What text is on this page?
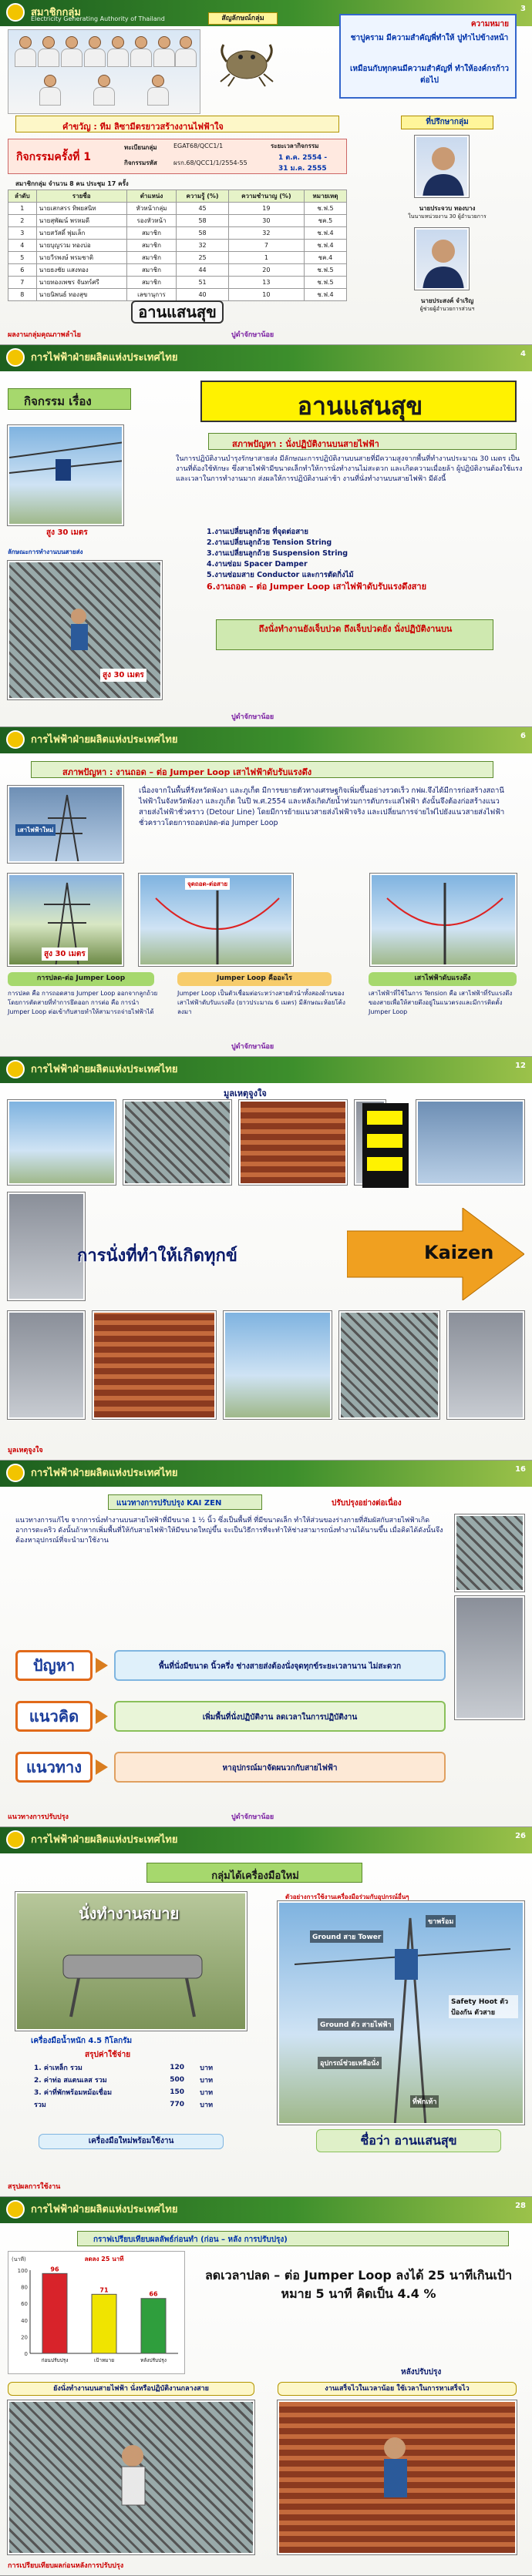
สมาชิกกลุ่ม
Electricity Generating Authority of Thailand
3
สัญลักษณ์กลุ่ม
ความหมาย
ชาปูคราม มีความสำคัญพี่ทำให้ ปูทำไปข้างหน้า
เหมือนกับทุกคนมีความสำคัญที่ ทำให้องค์กรก้าวต่อไป
คำขวัญ : ทีม ลิซามีตรยาวสร้างงานไฟฟ้าใจ	ที่ปรึกษากลุ่ม
กิจกรรมครั้งที่ 1
ทะเบียนกลุ่ม	EGAT68/QCC1/1
กิจกรรมรหัส	ผรก.68/QCC1/1/2554-55
ระยะเวลากิจกรรม
1 ต.ค. 2554 -
31 ม.ค. 2555
สมาชิกกลุ่ม จำนวน 8 คน ประชุม 17 ครั้ง
ลำดับ	รายชื่อ	ตำแหน่ง	ความรู้ (%)	ความชำนาญ (%)	หมายเหตุ
1	นายเสกสรร ทิพยสนิท	หัวหน้ากลุ่ม	45	19	ช.ฟ.5
2	นายสุพัฒน์ พรหมดี	รองหัวหน้า	58	30	ชค.5
3	นายสวัสดิ์ พุ่มเล็ก	สมาชิก	58	32	ช.ฟ.4
4	นายบุญรวม ทองบ่อ	สมาชิก	32	7	ช.ฟ.4
5	นายวีรพงษ์ พรมชาติ	สมาชิก	25	1	ชค.4
6	นายธงชัย แสงทอง	สมาชิก	44	20	ช.ฟ.5
7	นายทองเพชร จันทร์ศรี	สมาชิก	51	13	ช.ฟ.5
8	นายนิพนธ์ ทองสุข	เลขานุการ	40	10	ช.ฟ.4
อานแสนสุข
นายประจวบ ทองบาง
ในนามหน่วยงาน 30 ผู้อำนวยการ
นายประสงค์ จำเริญ
ผู้ช่วยผู้อำนวยการส่วนฯ
ผลงานกลุ่มคุณภาพลำไย	ปูดำจักษาน้อย
การไฟฟ้าฝ่ายผลิตแห่งประเทศไทย	4
กิจกรรม เรื่อง	อานแสนสุข
สูง 30 เมตร
ลักษณะการทำงานบนสายส่ง
สูง 30 เมตร
สภาพปัญหา : นั่งปฏิบัติงานบนสายไฟฟ้า
ในการปฏิบัติงานบำรุงรักษาสายส่ง มีลักษณะการปฏิบัติงานบนสายที่มีความสูงจากพื้นที่ทำงานประมาณ 30 เมตร เป็นงานที่ต้องใช้ทักษะ ซึ่งสายไฟฟ้ามีขนาดเล็กทำให้การนั่งทำงานไม่สะดวก และเกิดความเมื่อยล้า ผู้ปฏิบัติงานต้องใช้แรงและเวลาในการทำงานมาก ส่งผลให้การปฏิบัติงานล่าช้า งานที่นั่งทำงานบนสายไฟฟ้า มีดังนี้
1.งานเปลี่ยนลูกถ้วย ที่จุดต่อสาย
2.งานเปลี่ยนลูกถ้วย Tension String
3.งานเปลี่ยนลูกถ้วย Suspension String
4.งานซ่อม Spacer Damper
5.งานซ่อมสาย Conductor และการตัดกิ่งไม้
6.งานถอด – ต่อ Jumper Loop เสาไฟฟ้าดับรับแรงดึงสาย
ถึงนั่งทำงานยังเจ็บปวด ถึงเจ็บปวดยัง นั่งปฏิบัติงานบน
ปูดำจักษาน้อย
การไฟฟ้าฝ่ายผลิตแห่งประเทศไทย	6
สภาพปัญหา : งานถอด – ต่อ Jumper Loop เสาไฟฟ้าดับรับแรงดึง
เสาไฟฟ้าใหม่
เนื่องจากในพื้นที่รังหวัดพังงา และภูเก็ต มีการขยายตัวทางเศรษฐกิจเพิ่มขึ้นอย่างรวดเร็ว กฟผ.จึงได้มีการก่อสร้างสถานีไฟฟ้าในจังหวัดพังงา และภูเก็ต ในปี พ.ศ.2554 และหลังเกิดภัยน้ำท่วมการดับกระแสไฟฟ้า ดังนั้นจึงต้องก่อสร้างแนวสายส่งไฟฟ้าชั่วคราว (Detour Line) โดยมีการย้ายแนวสายส่งไฟฟ้าจริง และเปลี่ยนการจ่ายไฟไปยังแนวสายส่งไฟฟ้าชั่วคราวโดยการถอดปลด-ต่อ Jumper Loop
สูง 30 เมตร
จุดถอด-ต่อสาย
การปลด-ต่อ Jumper Loop
การปลด คือ การถอดสาย Jumper Loop ออกจากลูกถ้วย โดยการตัดสายที่ทำการยึดออก การต่อ คือ การนำ Jumper Loop ต่อเข้ากับสายทำให้สามารถจ่ายไฟฟ้าได้
Jumper Loop คืออะไร
Jumper Loop เป็นตัวเชื่อมต่อระหว่างสายตัวนำทั้งสองด้านของเสาไฟฟ้าดับรับแรงดึง (ยาวประมาณ 6 เมตร) มีลักษณะห้อยโค้งลงมา
เสาไฟฟ้าดับแรงดึง
เสาไฟฟ้าที่ใช้ในการ Tension คือ เสาไฟฟ้าที่รับแรงดึงของสายเพื่อให้สายตึงอยู่ในแนวตรงและมีการติดตั้ง Jumper Loop
ปูดำจักษาน้อย
การไฟฟ้าฝ่ายผลิตแห่งประเทศไทย	12
มูลเหตุจูงใจ
การนั่งที่ทำให้เกิดทุกข์	Kaizen
มูลเหตุจูงใจ
การไฟฟ้าฝ่ายผลิตแห่งประเทศไทย	16
แนวทางการปรับปรุง KAI ZEN	ปรับปรุงอย่างต่อเนื่อง
แนวทางการแก้ไข จากการนั่งทำงานบนสายไฟฟ้าที่มีขนาด 1 ½ นิ้ว ซึ่งเป็นพื้นที่ ที่มีขนาดเล็ก ทำให้ส่วนของร่างกายที่สัมผัสกับสายไฟฟ้าเกิดอาการตะคริว ดังนั้นถ้าหากเพิ่มพื้นที่ให้กับสายไฟฟ้าให้มีขนาดใหญ่ขึ้น จะเป็นวิธีการที่จะทำให้ช่างสามารถนั่งทำงานได้นานขึ้น เมื่อคิดได้ดังนั้นจึงต้องหาอุปกรณ์ที่จะนำมาใช้งาน
ปัญหา	พื้นที่นั่งมีขนาด นิ้วครึ่ง ช่างสายส่งต้องนั่งจุดทุกข์ระยะเวลานาน ไม่สะดวก
แนวคิด	เพิ่มพื้นที่นั่งปฏิบัติงาน ลดเวลาในการปฏิบัติงาน
แนวทาง	หาอุปกรณ์มาจัดผนวกกับสายไฟฟ้า
แนวทางการปรับปรุง	ปูดำจักษาน้อย
การไฟฟ้าฝ่ายผลิตแห่งประเทศไทย	26
กลุ่มได้เครื่องมือใหม่
นั่งทำงานสบาย
เครื่องมือน้ำหนัก 4.5 กิโลกรัม
สรุปค่าใช้จ่าย
1. ค่าเหล็ก รวม	120	บาท
2. ค่าท่อ สแตนเลส รวม	500	บาท
3. ค่าที่พักพร้อมหม้อเชื่อม	150	บาท
รวม	770	บาท
ตัวอย่างการใช้งานเครื่องมือร่วมกับอุปกรณ์อื่นๆ
Ground สาย Tower
ขาพร้อม
Safety Hoot ตัวป้องกัน ตัวสาย
Ground ตัว สายไฟฟ้า
อุปกรณ์ช่วยเหลือนั่ง
ที่พักเท้า
เครื่องมือใหม่พร้อมใช้งาน	ชื่อว่า อานแสนสุข
สรุปผลการใช้งาน
การไฟฟ้าฝ่ายผลิตแห่งประเทศไทย	28
กราฟเปรียบเทียบผลลัพธ์ก่อนทำ (ก่อน – หลัง การปรับปรุง)
0
20
40
60
80
100
(นาที)
96
ก่อนปรับปรุง
71
เป้าหมาย
66
หลังปรับปรุง
ลดลง 25 นาที
ลดเวลาปลด – ต่อ Jumper Loop ลงได้ 25 นาทีเกินเป้าหมาย 5 นาที คิดเป็น 4.4 %
หลังปรับปรุง
ยังนั่งทำงานบนสายไฟฟ้า นั่งหรือปฏิบัติงานกลางสาย	งานเสร็จไวในเวลาน้อย ใช้เวลาในการหาเสร็จไว
การเปรียบเทียบผลก่อนหลังการปรับปรุง
